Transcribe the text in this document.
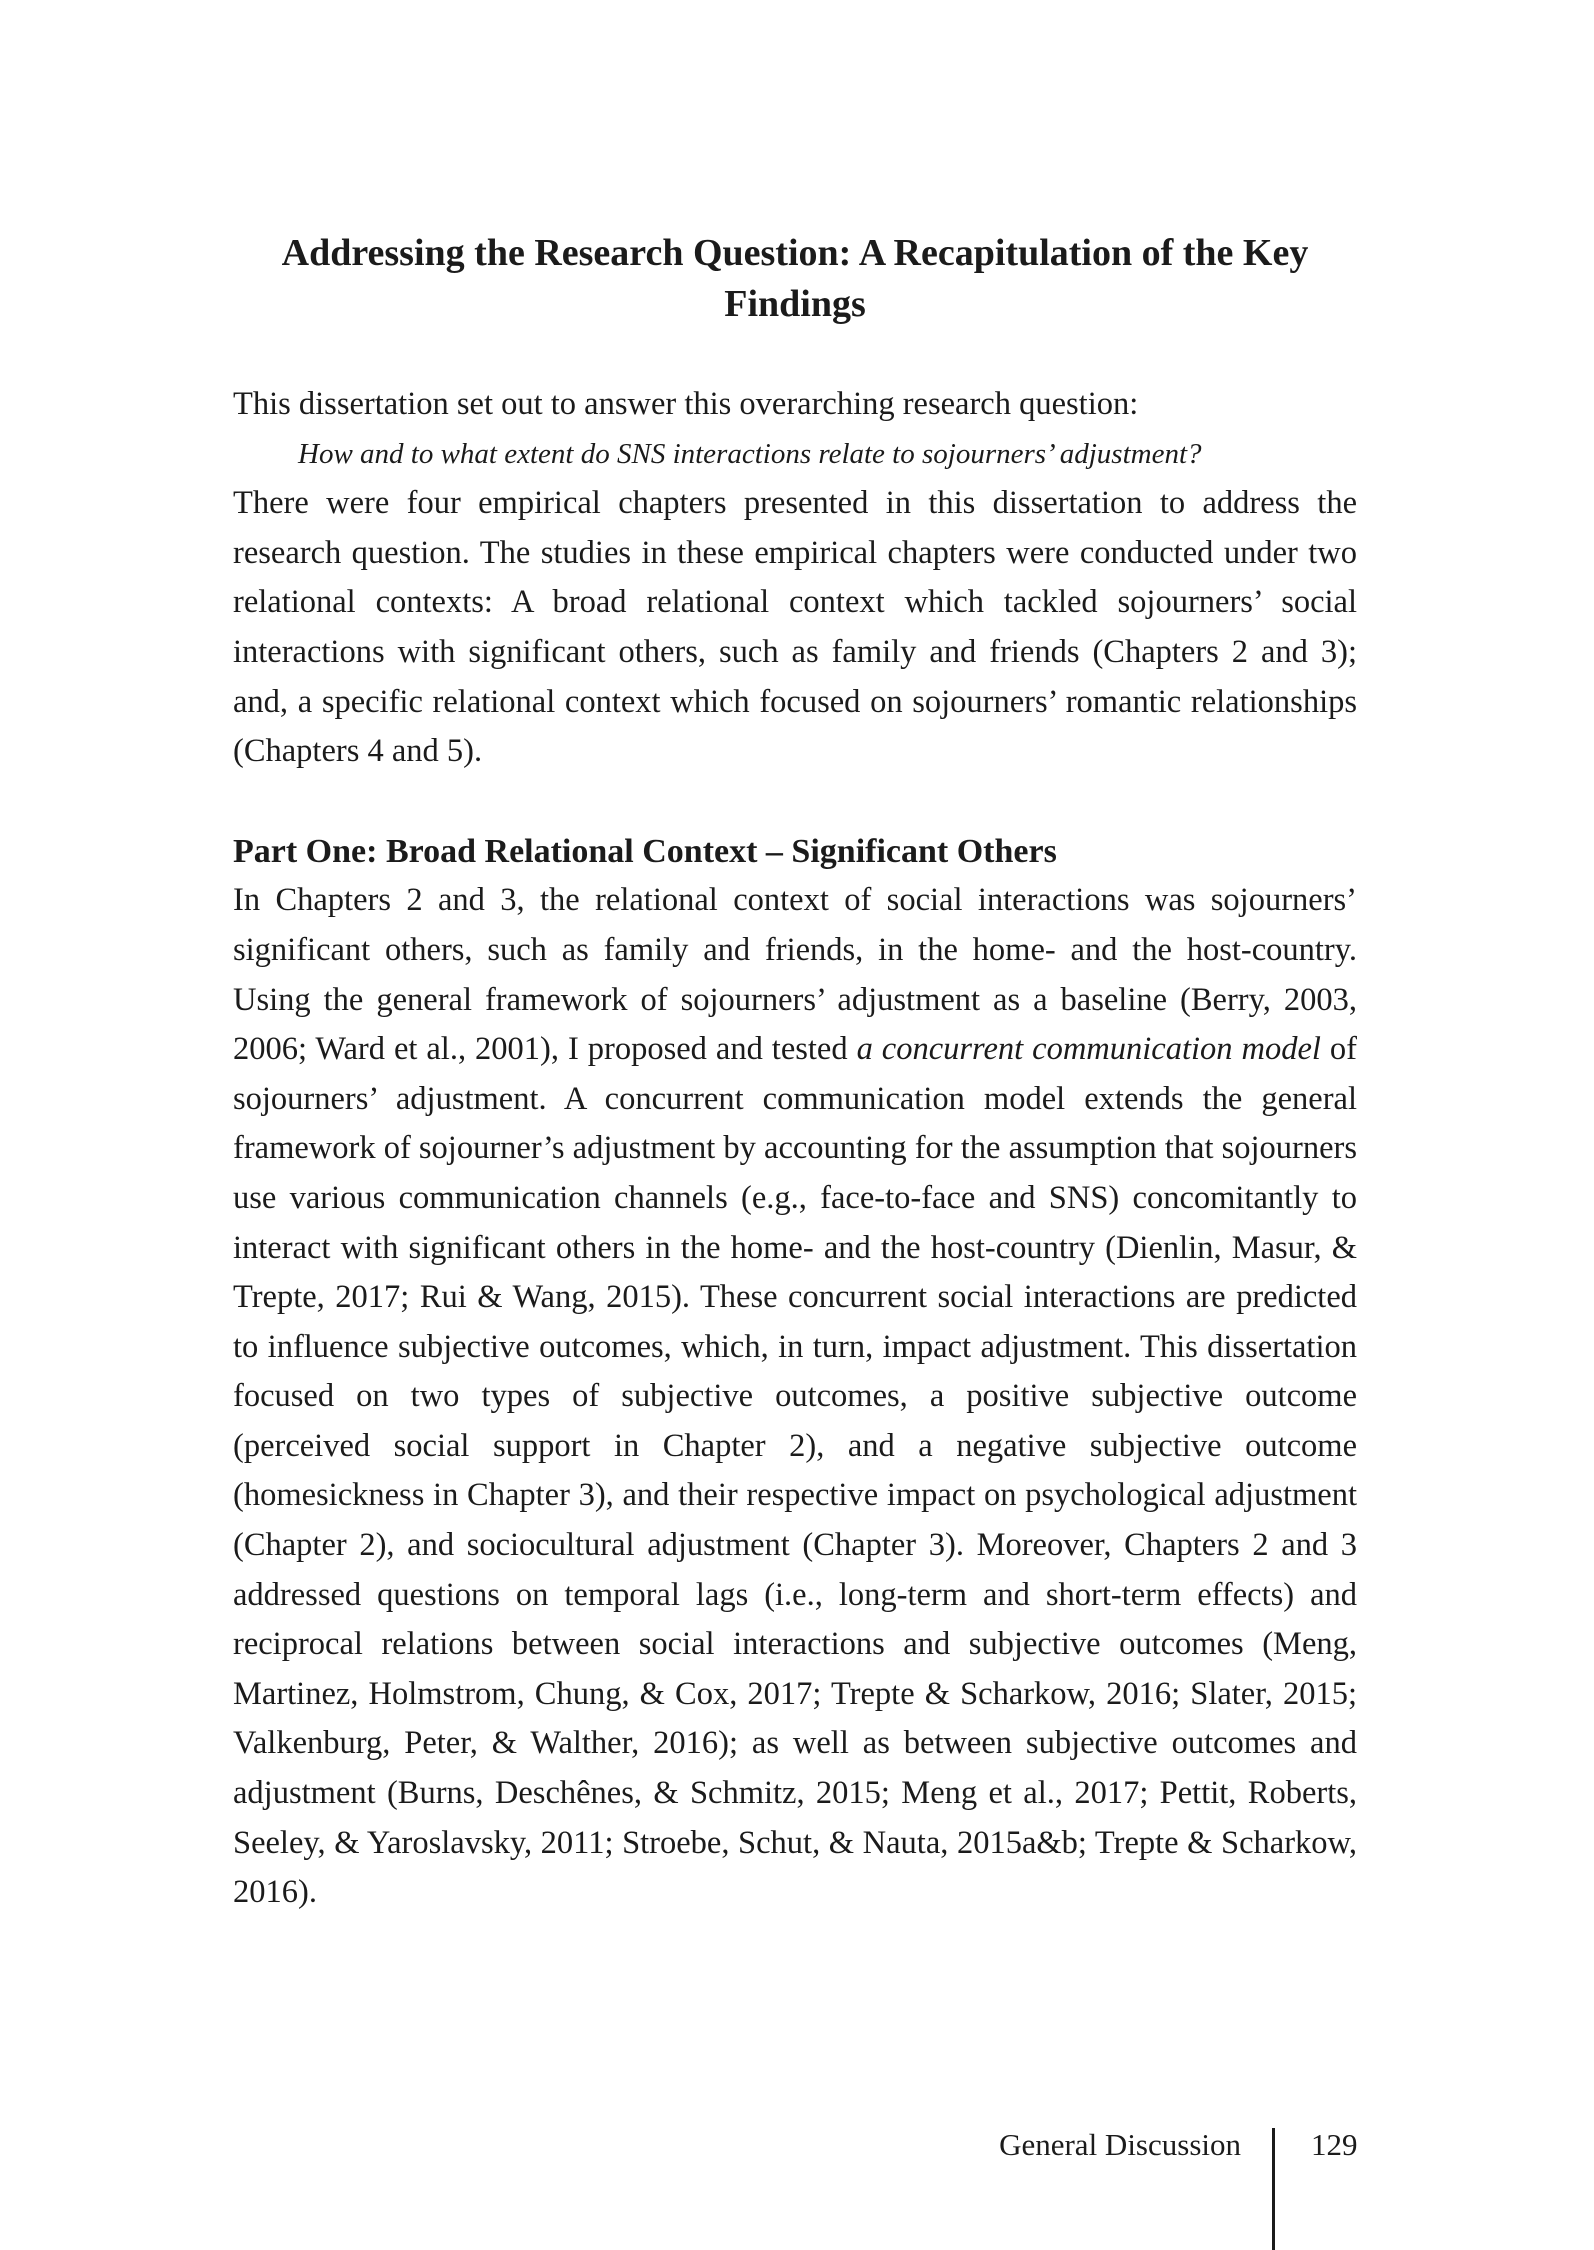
Addressing the Research Question: A Recapitulation of the Key Findings

This dissertation set out to answer this overarching research question:

How and to what extent do SNS interactions relate to sojourners’ adjustment?

There were four empirical chapters presented in this dissertation to address the research question. The studies in these empirical chapters were conducted under two relational contexts: A broad relational context which tackled sojourners’ social interactions with significant others, such as family and friends (Chapters 2 and 3); and, a specific relational context which focused on sojourners’ romantic relationships (Chapters 4 and 5).

Part One: Broad Relational Context – Significant Others

In Chapters 2 and 3, the relational context of social interactions was sojourners’ significant others, such as family and friends, in the home- and the host-country. Using the general framework of sojourners’ adjustment as a baseline (Berry, 2003, 2006; Ward et al., 2001), I proposed and tested a concurrent communication model of sojourners’ adjustment. A concurrent communication model extends the general framework of sojourner’s adjustment by accounting for the assumption that sojourners use various communication channels (e.g., face-to-face and SNS) concomitantly to interact with significant others in the home- and the host-country (Dienlin, Masur, & Trepte, 2017; Rui & Wang, 2015). These concurrent social interactions are predicted to influence subjective outcomes, which, in turn, impact adjustment. This dissertation focused on two types of subjective outcomes, a positive subjective outcome (perceived social support in Chapter 2), and a negative subjective outcome (homesickness in Chapter 3), and their respective impact on psychological adjustment (Chapter 2), and sociocultural adjustment (Chapter 3). Moreover, Chapters 2 and 3 addressed questions on temporal lags (i.e., long-term and short-term effects) and reciprocal relations between social interactions and subjective outcomes (Meng, Martinez, Holmstrom, Chung, & Cox, 2017; Trepte & Scharkow, 2016; Slater, 2015; Valkenburg, Peter, & Walther, 2016); as well as between subjective outcomes and adjustment (Burns, Deschênes, & Schmitz, 2015; Meng et al., 2017; Pettit, Roberts, Seeley, & Yaroslavsky, 2011; Stroebe, Schut, & Nauta, 2015a&b; Trepte & Scharkow, 2016).

General Discussion 129
